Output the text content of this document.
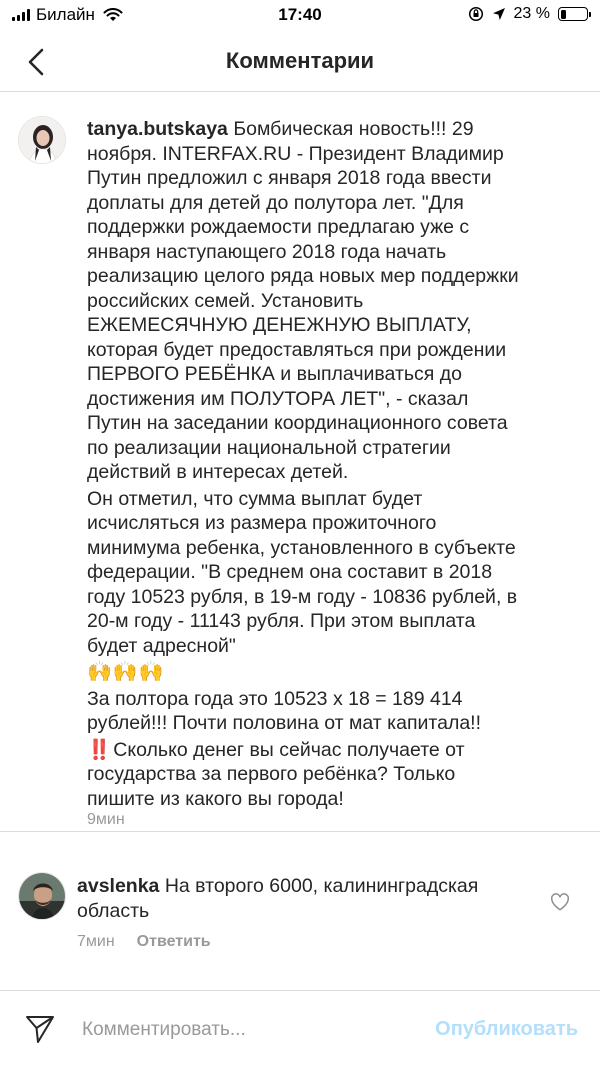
Билайн	17:40	23 %
Комментарии

tanya.butskaya Бомбическая новость!!! 29 ноября. INTERFAX.RU - Президент Владимир Путин предложил с января 2018 года ввести доплаты для детей до полутора лет. "Для поддержки рождаемости предлагаю уже с января наступающего 2018 года начать реализацию целого ряда новых мер поддержки российских семей. Установить ЕЖЕМЕСЯЧНУЮ ДЕНЕЖНУЮ ВЫПЛАТУ, которая будет предоставляться при рождении ПЕРВОГО РЕБЁНКА и выплачиваться до достижения им ПОЛУТОРА ЛЕТ", - сказал Путин на заседании координационного совета по реализации национальной стратегии действий в интересах детей.

Он отметил, что сумма выплат будет исчисляться из размера прожиточного минимума ребенка, установленного в субъекте федерации. "В среднем она составит в 2018 году 10523 рубля, в 19-м году - 10836 рублей, в 20-м году - 11143 рубля. При этом выплата будет адресной"

🙌🙌🙌

За полтора года это 10523 х 18 = 189 414 рублей!!! Почти половина от мат капитала!!

‼️ Сколько денег вы сейчас получаете от государства за первого ребёнка? Только пишите из какого вы города!

9мин
avslenka На второго 6000, калининградская область
7мин Ответить
Комментировать...
Опубликовать
